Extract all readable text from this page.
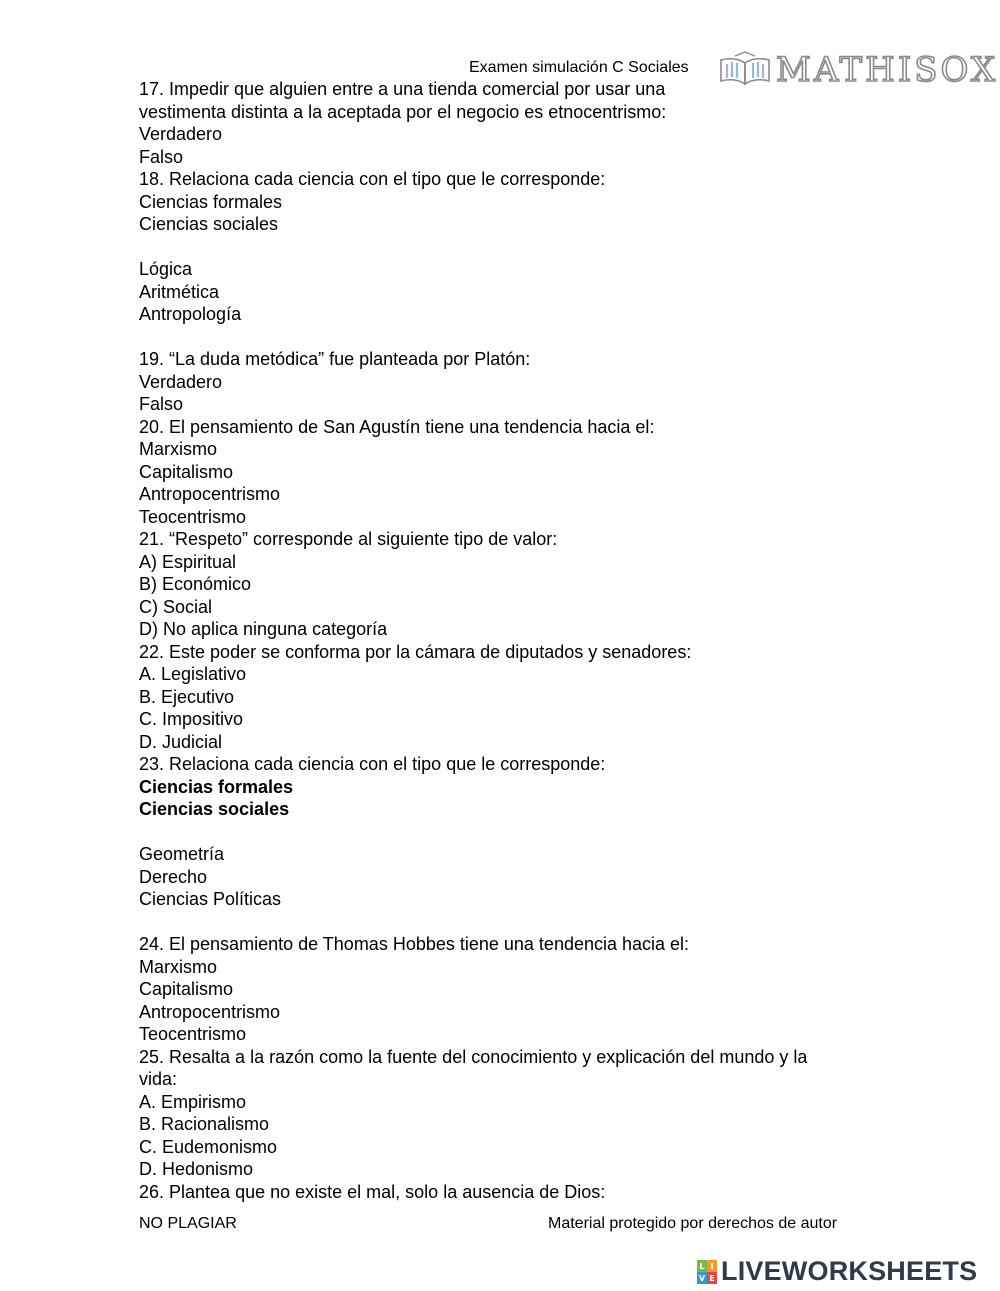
Examen simulación C Sociales	MATHISOX
17. Impedir que alguien entre a una tienda comercial por usar una
vestimenta distinta a la aceptada por el negocio es etnocentrismo:
Verdadero
Falso
18. Relaciona cada ciencia con el tipo que le corresponde:
Ciencias formales
Ciencias sociales
Lógica
Aritmética
Antropología
19. “La duda metódica” fue planteada por Platón:
Verdadero
Falso
20. El pensamiento de San Agustín tiene una tendencia hacia el:
Marxismo
Capitalismo
Antropocentrismo
Teocentrismo
21. “Respeto” corresponde al siguiente tipo de valor:
A) Espiritual
B) Económico
C) Social
D) No aplica ninguna categoría
22. Este poder se conforma por la cámara de diputados y senadores:
A. Legislativo
B. Ejecutivo
C. Impositivo
D. Judicial
23. Relaciona cada ciencia con el tipo que le corresponde:
Ciencias formales
Ciencias sociales
Geometría
Derecho
Ciencias Políticas
24. El pensamiento de Thomas Hobbes tiene una tendencia hacia el:
Marxismo
Capitalismo
Antropocentrismo
Teocentrismo
25. Resalta a la razón como la fuente del conocimiento y explicación del mundo y la
vida:
A. Empirismo
B. Racionalismo
C. Eudemonismo
D. Hedonismo
26. Plantea que no existe el mal, solo la ausencia de Dios:
NO PLAGIAR	Material protegido por derechos de autor
L I
V E LIVEWORKSHEETS
